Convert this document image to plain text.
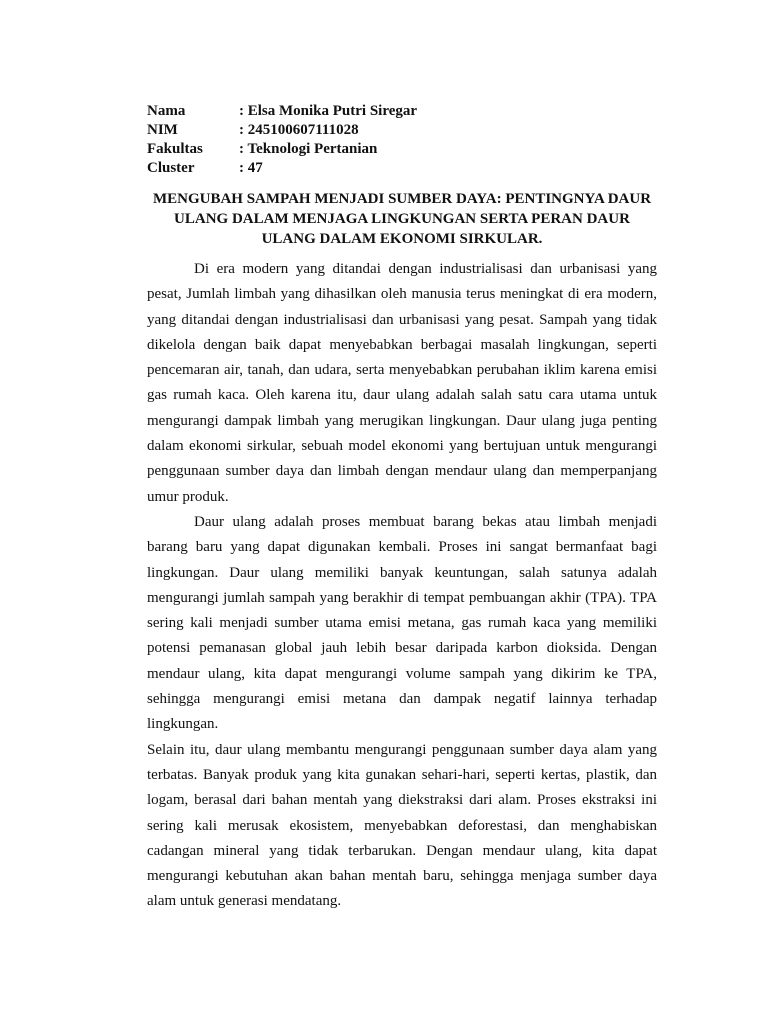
Nama	: Elsa Monika Putri Siregar
NIM	: 245100607111028
Fakultas	: Teknologi Pertanian
Cluster	: 47
MENGUBAH SAMPAH MENJADI SUMBER DAYA: PENTINGNYA DAUR ULANG DALAM MENJAGA LINGKUNGAN SERTA PERAN DAUR ULANG DALAM EKONOMI SIRKULAR.

Di era modern yang ditandai dengan industrialisasi dan urbanisasi yang pesat, Jumlah limbah yang dihasilkan oleh manusia terus meningkat di era modern, yang ditandai dengan industrialisasi dan urbanisasi yang pesat. Sampah yang tidak dikelola dengan baik dapat menyebabkan berbagai masalah lingkungan, seperti pencemaran air, tanah, dan udara, serta menyebabkan perubahan iklim karena emisi gas rumah kaca. Oleh karena itu, daur ulang adalah salah satu cara utama untuk mengurangi dampak limbah yang merugikan lingkungan. Daur ulang juga penting dalam ekonomi sirkular, sebuah model ekonomi yang bertujuan untuk mengurangi penggunaan sumber daya dan limbah dengan mendaur ulang dan memperpanjang umur produk.

Daur ulang adalah proses membuat barang bekas atau limbah menjadi barang baru yang dapat digunakan kembali. Proses ini sangat bermanfaat bagi lingkungan. Daur ulang memiliki banyak keuntungan, salah satunya adalah mengurangi jumlah sampah yang berakhir di tempat pembuangan akhir (TPA). TPA sering kali menjadi sumber utama emisi metana, gas rumah kaca yang memiliki potensi pemanasan global jauh lebih besar daripada karbon dioksida. Dengan mendaur ulang, kita dapat mengurangi volume sampah yang dikirim ke TPA, sehingga mengurangi emisi metana dan dampak negatif lainnya terhadap lingkungan.

Selain itu, daur ulang membantu mengurangi penggunaan sumber daya alam yang terbatas. Banyak produk yang kita gunakan sehari-hari, seperti kertas, plastik, dan logam, berasal dari bahan mentah yang diekstraksi dari alam. Proses ekstraksi ini sering kali merusak ekosistem, menyebabkan deforestasi, dan menghabiskan cadangan mineral yang tidak terbarukan. Dengan mendaur ulang, kita dapat mengurangi kebutuhan akan bahan mentah baru, sehingga menjaga sumber daya alam untuk generasi mendatang.
